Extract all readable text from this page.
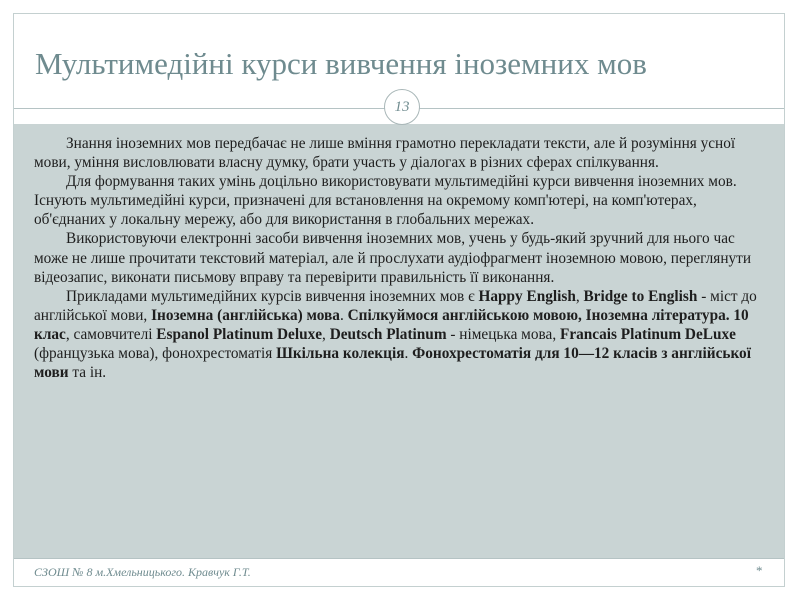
Мультимедійні курси вивчення іноземних мов
13

Знання іноземних мов передбачає не лише вміння грамотно перекладати тексти, але й розуміння усної мови, уміння висловлювати власну думку, брати участь у діалогах в різних сферах спілкування.

Для формування таких умінь доцільно використовувати мультимедійні курси вивчення іноземних мов. Існують мультимедійні курси, призначені для встановлення на окремому комп'ютері, на комп'ютерах, об'єднаних у локальну мережу, або для використання в глобальних мережах.

Використовуючи електронні засоби вивчення іноземних мов, учень у будь-який зручний для нього час може не лише прочитати текстовий матеріал, але й прослухати аудіофрагмент іноземною мовою, переглянути відеозапис, виконати письмову вправу та перевірити правильність її виконання.

Прикладами мультимедійних курсів вивчення іноземних мов є Happy English, Bridge to English - міст до англійської мови, Іноземна (англійська) мова. Спілкуймося англійською мовою, Іноземна література. 10 клас, самовчителі Espanol Platinum Deluxe, Deutsch Platinum - німецька мова, Francais Platinum DeLuxe (французька мова), фонохрестоматія Шкільна колекція. Фонохрестоматія для 10—12 класів з англійської мови та ін.

СЗОШ № 8 м.Хмельницького. Кравчук Г.Т.	*
